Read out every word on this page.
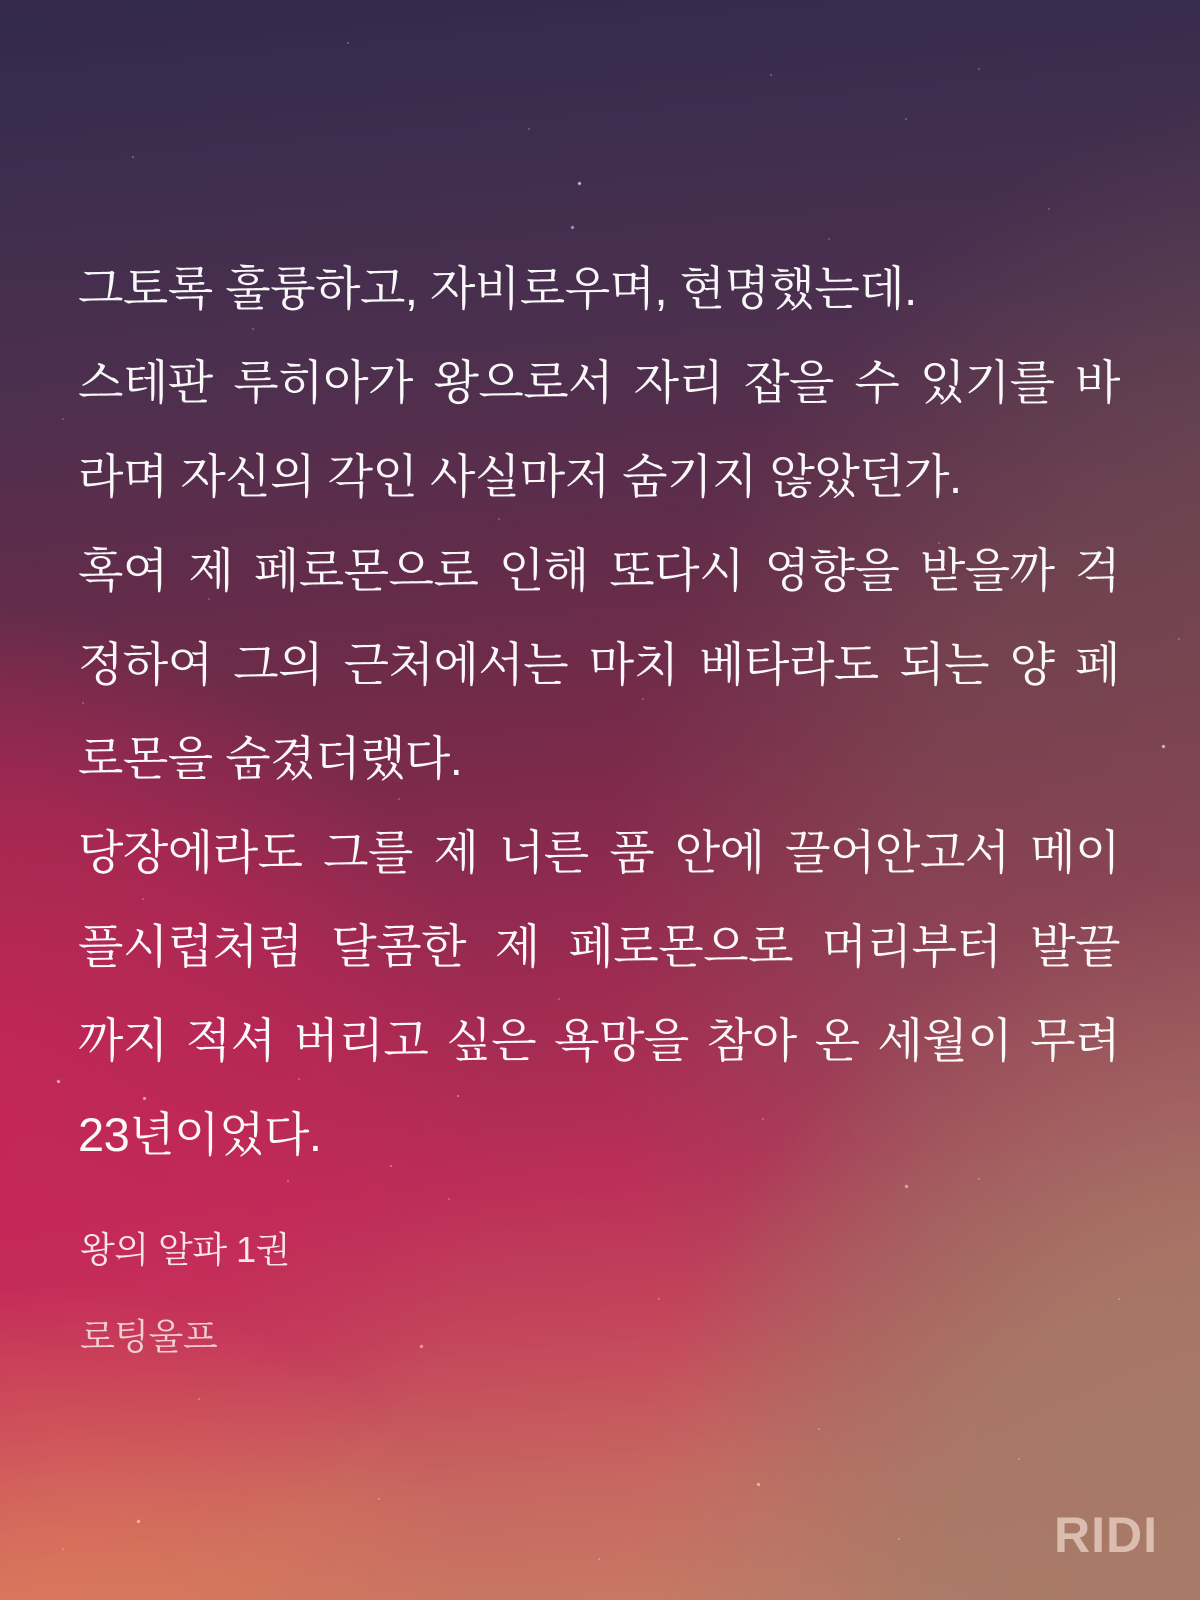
그토록 훌륭하고, 자비로우며, 현명했는데.
스테판 루히아가 왕으로서 자리 잡을 수 있기를 바
라며 자신의 각인 사실마저 숨기지 않았던가.
혹여 제 페로몬으로 인해 또다시 영향을 받을까 걱
정하여 그의 근처에서는 마치 베타라도 되는 양 페
로몬을 숨겼더랬다.
당장에라도 그를 제 너른 품 안에 끌어안고서 메이
플시럽처럼 달콤한 제 페로몬으로 머리부터 발끝
까지 적셔 버리고 싶은 욕망을 참아 온 세월이 무려
23년이었다.
왕의 알파 1권
로팅울프
RIDI
